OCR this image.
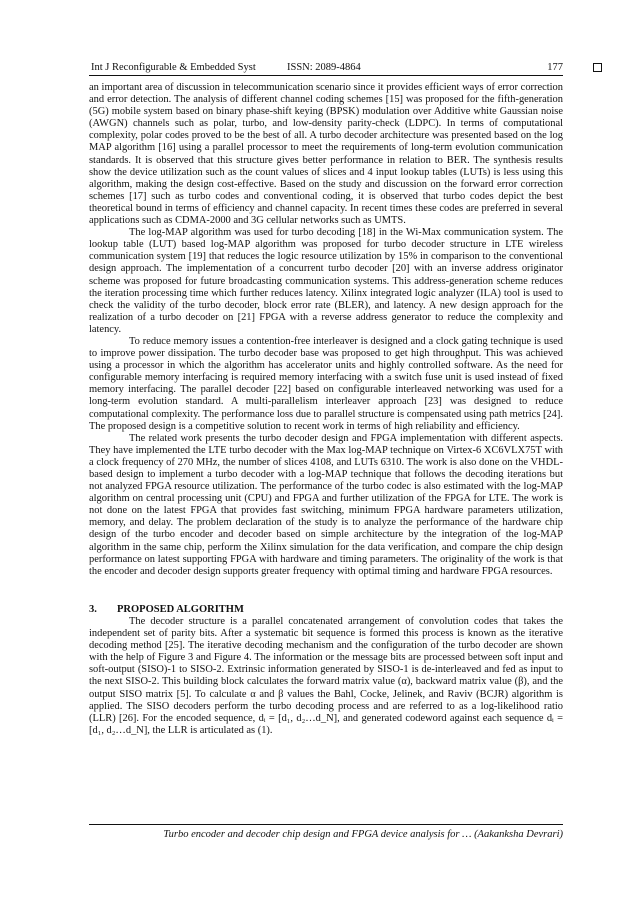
Int J Reconfigurable & Embedded Syst	ISSN: 2089-4864	177

an important area of discussion in telecommunication scenario since it provides efficient ways of error correction and error detection. The analysis of different channel coding schemes [15] was proposed for the fifth-generation (5G) mobile system based on binary phase-shift keying (BPSK) modulation over Additive white Gaussian noise (AWGN) channels such as polar, turbo, and low-density parity-check (LDPC). In terms of computational complexity, polar codes proved to be the best of all. A turbo decoder architecture was presented based on the log MAP algorithm [16] using a parallel processor to meet the requirements of long-term evolution communication standards. It is observed that this structure gives better performance in relation to BER. The synthesis results show the device utilization such as the count values of slices and 4 input lookup tables (LUTs) is less using this algorithm, making the design cost-effective. Based on the study and discussion on the forward error correction schemes [17] such as turbo codes and conventional coding, it is observed that turbo codes depict the best theoretical bound in terms of efficiency and channel capacity. In recent times these codes are preferred in several applications such as CDMA-2000 and 3G cellular networks such as UMTS.

The log-MAP algorithm was used for turbo decoding [18] in the Wi-Max communication system. The lookup table (LUT) based log-MAP algorithm was proposed for turbo decoder structure in LTE wireless communication system [19] that reduces the logic resource utilization by 15% in comparison to the conventional design approach. The implementation of a concurrent turbo decoder [20] with an inverse address originator scheme was proposed for future broadcasting communication systems. This address-generation scheme reduces the iteration processing time which further reduces latency. Xilinx integrated logic analyzer (ILA) tool is used to check the validity of the turbo decoder, block error rate (BLER), and latency. A new design approach for the realization of a turbo decoder on [21] FPGA with a reverse address generator to reduce the complexity and latency.

To reduce memory issues a contention-free interleaver is designed and a clock gating technique is used to improve power dissipation. The turbo decoder base was proposed to get high throughput. This was achieved using a processor in which the algorithm has accelerator units and highly controlled software. As the need for configurable memory interfacing is required memory interfacing with a switch fuse unit is used instead of fixed memory interfacing. The parallel decoder [22] based on configurable interleaved networking was used for a long-term evolution standard. A multi-parallelism interleaver approach [23] was designed to reduce computational complexity. The performance loss due to parallel structure is compensated using path metrics [24]. The proposed design is a competitive solution to recent work in terms of high reliability and efficiency.

The related work presents the turbo decoder design and FPGA implementation with different aspects. They have implemented the LTE turbo decoder with the Max log-MAP technique on Virtex-6 XC6VLX75T with a clock frequency of 270 MHz, the number of slices 4108, and LUTs 6310. The work is also done on the VHDL-based design to implement a turbo decoder with a log-MAP technique that follows the decoding iterations but not analyzed FPGA resource utilization. The performance of the turbo codec is also estimated with the log-MAP algorithm on central processing unit (CPU) and FPGA and further utilization of the FPGA for LTE. The work is not done on the latest FPGA that provides fast switching, minimum FPGA hardware parameters utilization, memory, and delay. The problem declaration of the study is to analyze the performance of the hardware chip design of the turbo encoder and decoder based on simple architecture by the integration of the log-MAP algorithm in the same chip, perform the Xilinx simulation for the data verification, and compare the chip design performance on latest supporting FPGA with hardware and timing parameters. The originality of the work is that the encoder and decoder design supports greater frequency with optimal timing and hardware FPGA resources.

3. PROPOSED ALGORITHM

The decoder structure is a parallel concatenated arrangement of convolution codes that takes the independent set of parity bits. After a systematic bit sequence is formed this process is known as the iterative decoding method [25]. The iterative decoding mechanism and the configuration of the turbo decoder are shown with the help of Figure 3 and Figure 4. The information or the message bits are processed between soft input and soft-output (SISO)-1 to SISO-2. Extrinsic information generated by SISO-1 is de-interleaved and fed as input to the next SISO-2. This building block calculates the forward matrix value (α), backward matrix value (β), and the output SISO matrix [5]. To calculate α and β values the Bahl, Cocke, Jelinek, and Raviv (BCJR) algorithm is applied. The SISO decoders perform the turbo decoding process and are referred to as a log-likelihood ratio (LLR) [26]. For the encoded sequence, dᵢ = [d₁, d₂…d_N], and generated codeword against each sequence dᵢ = [d₁, d₂…d_N], the LLR is articulated as (1).

Turbo encoder and decoder chip design and FPGA device analysis for … (Aakanksha Devrari)
